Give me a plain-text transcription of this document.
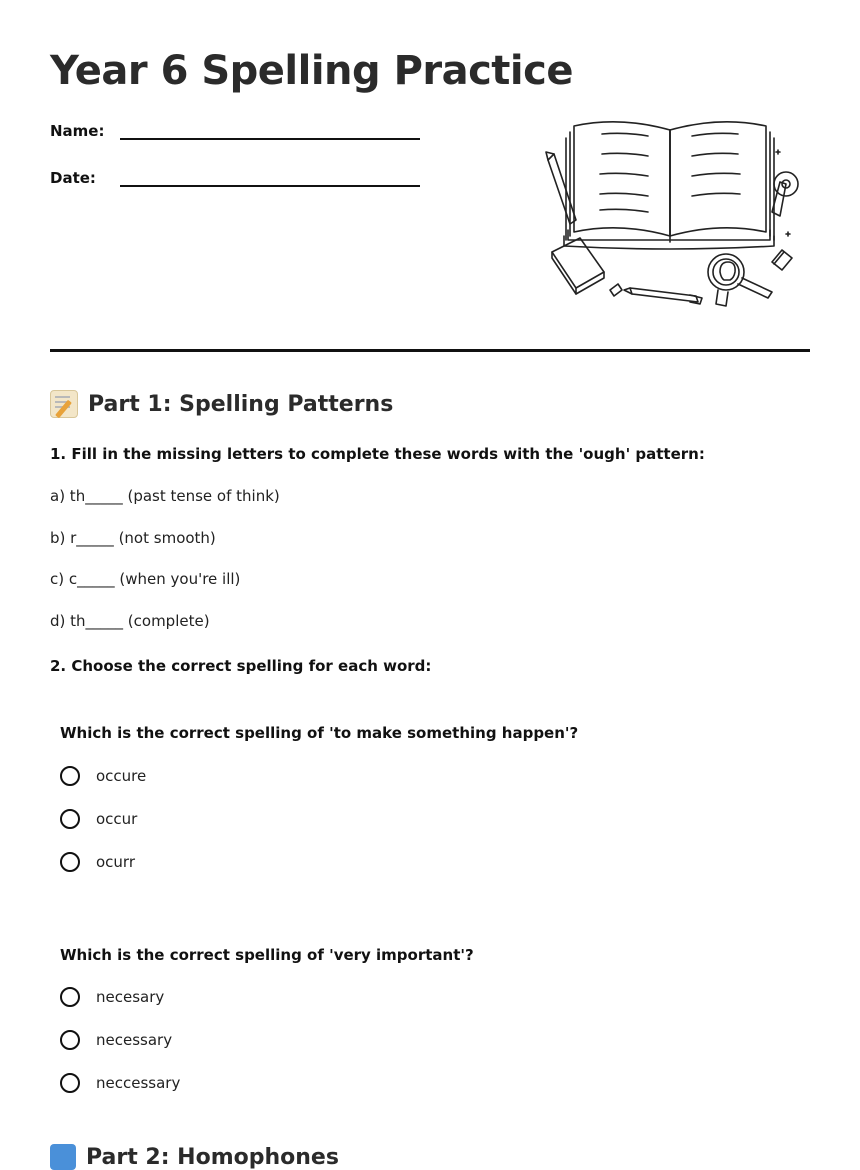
Year 6 Spelling Practice
Name:
Date:
Part 1: Spelling Patterns

1. Fill in the missing letters to complete these words with the 'ough' pattern:

a) th_____ (past tense of think)
b) r_____ (not smooth)
c) c_____ (when you're ill)
d) th_____ (complete)

2. Choose the correct spelling for each word:

Which is the correct spelling of 'to make something happen'?

occure
occur
ocurr

Which is the correct spelling of 'very important'?

necesary
necessary
neccessary
Part 2: Homophones
